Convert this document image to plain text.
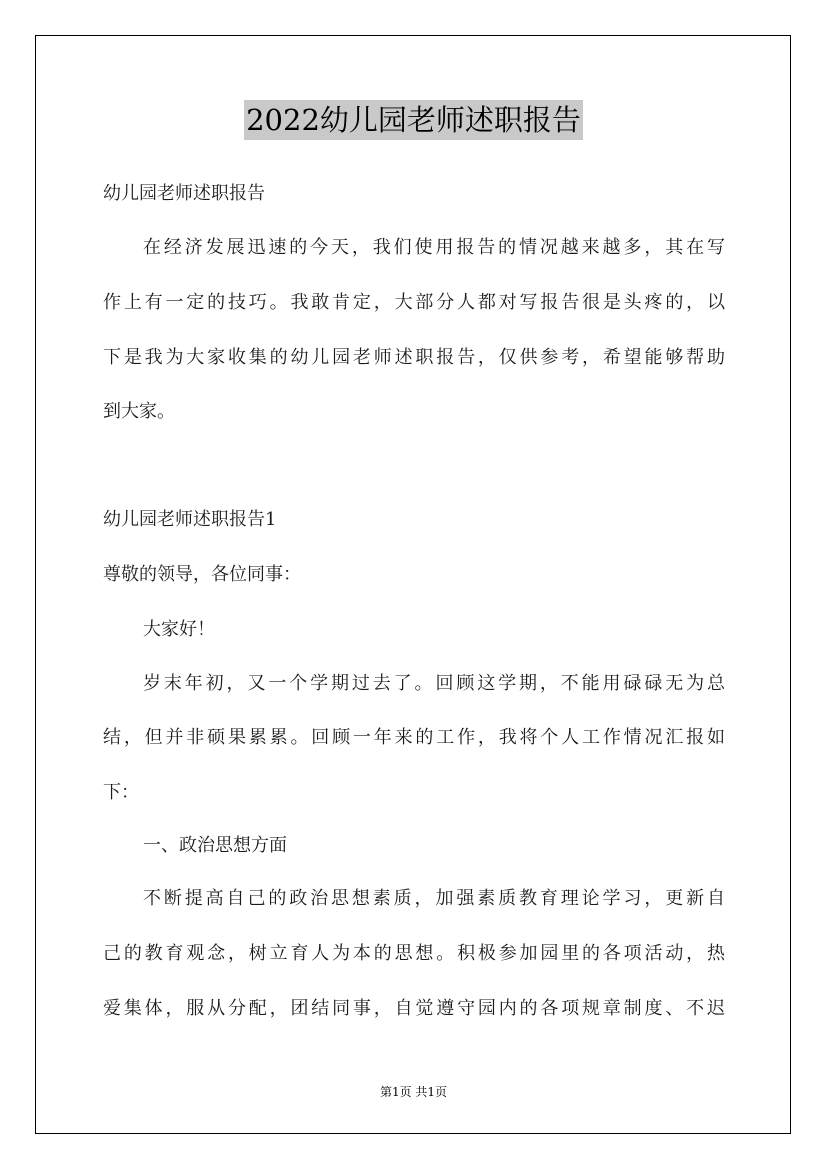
2022幼儿园老师述职报告
幼儿园老师述职报告
在经济发展迅速的今天，我们使用报告的情况越来越多，其在写
作上有一定的技巧。我敢肯定，大部分人都对写报告很是头疼的，以
下是我为大家收集的幼儿园老师述职报告，仅供参考，希望能够帮助
到大家。
幼儿园老师述职报告1
尊敬的领导，各位同事：
大家好！
岁末年初，又一个学期过去了。回顾这学期，不能用碌碌无为总
结，但并非硕果累累。回顾一年来的工作，我将个人工作情况汇报如
下：
一、政治思想方面
不断提高自己的政治思想素质，加强素质教育理论学习，更新自
己的教育观念，树立育人为本的思想。积极参加园里的各项活动，热
爱集体，服从分配，团结同事，自觉遵守园内的各项规章制度、不迟
第1页 共1页
